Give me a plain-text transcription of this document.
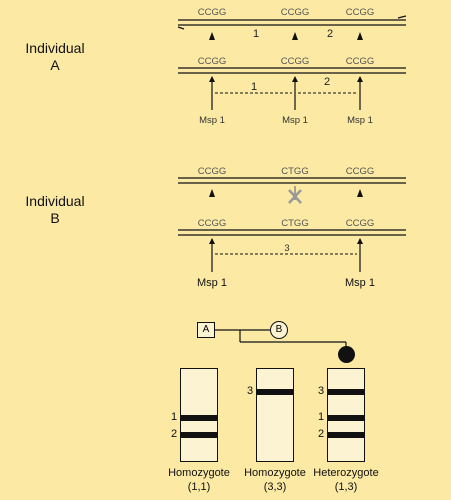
Individual
A
Individual
B
CCGG	CCGG	CCGG
1	2
CCGG	CCGG	CCGG
1	2
Msp 1	Msp 1	Msp 1
CCGG	CTGG	CCGG
CCGG	CTGG	CCGG
3
Msp 1	Msp 1
A	B
1
2
3	3
1
2
Homozygote
(1,1)
Homozygote
(3,3)
Heterozygote
(1,3)
